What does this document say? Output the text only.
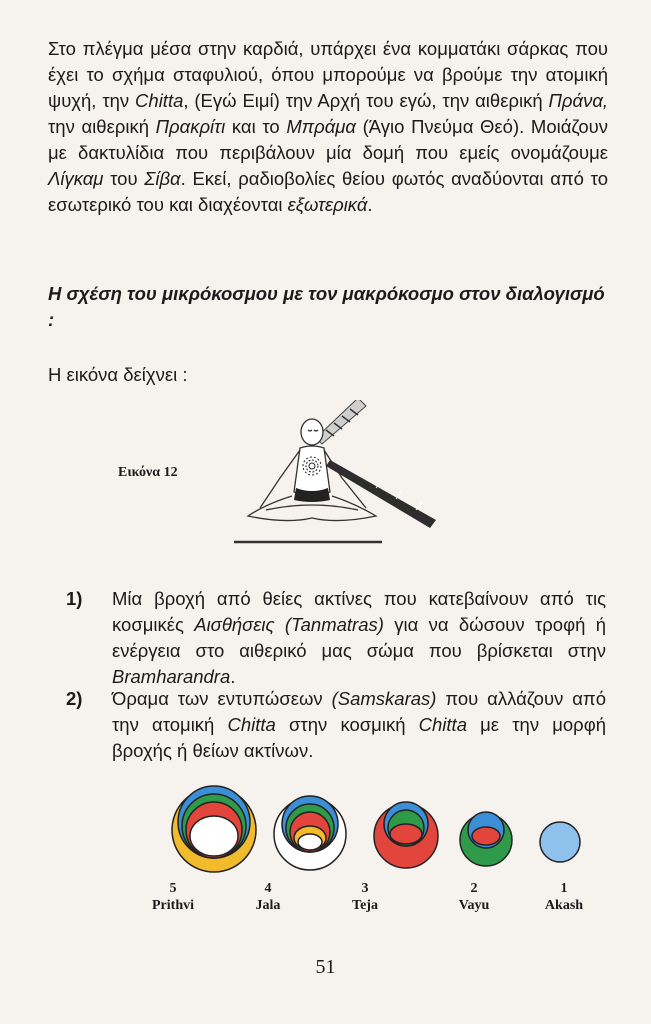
Στο πλέγμα μέσα στην καρδιά, υπάρχει ένα κομματάκι σάρκας που έχει το σχήμα σταφυλιού, όπου μπορούμε να βρούμε την ατομική ψυχή, την Chitta, (Εγώ Ειμί) την Αρχή του εγώ, την αιθερική Πράνα, την αιθερική Πρακρίτι και το Μπράμα (Άγιο Πνεύμα Θεό). Μοιάζουν με δακτυλίδια που περιβάλουν μία δομή που εμείς ονομάζουμε Λίγκαμ του Σίβα. Εκεί, ραδιοβολίες θείου φωτός αναδύονται από το εσωτερικό του και διαχέονται εξωτερικά.

Η σχέση του μικρόκοσμου με τον μακρόκοσμο στον διαλογισμό :

Η εικόνα δείχνει :

Εικόνα 12
1)	Μία βροχή από θείες ακτίνες που κατεβαίνουν από τις κοσμικές Αισθήσεις (Tanmatras) για να δώσουν τροφή ή ενέργεια στο αιθερικό μας σώμα που βρίσκεται στην Bramharandra.
2)	Όραμα των εντυπώσεων (Samskaras) που αλλάζουν από την ατομική Chitta στην κοσμική Chitta με την μορφή βροχής ή θείων ακτίνων.
5
Prithvi
4
Jala
3
Teja
2
Vayu
1
Akash
51
